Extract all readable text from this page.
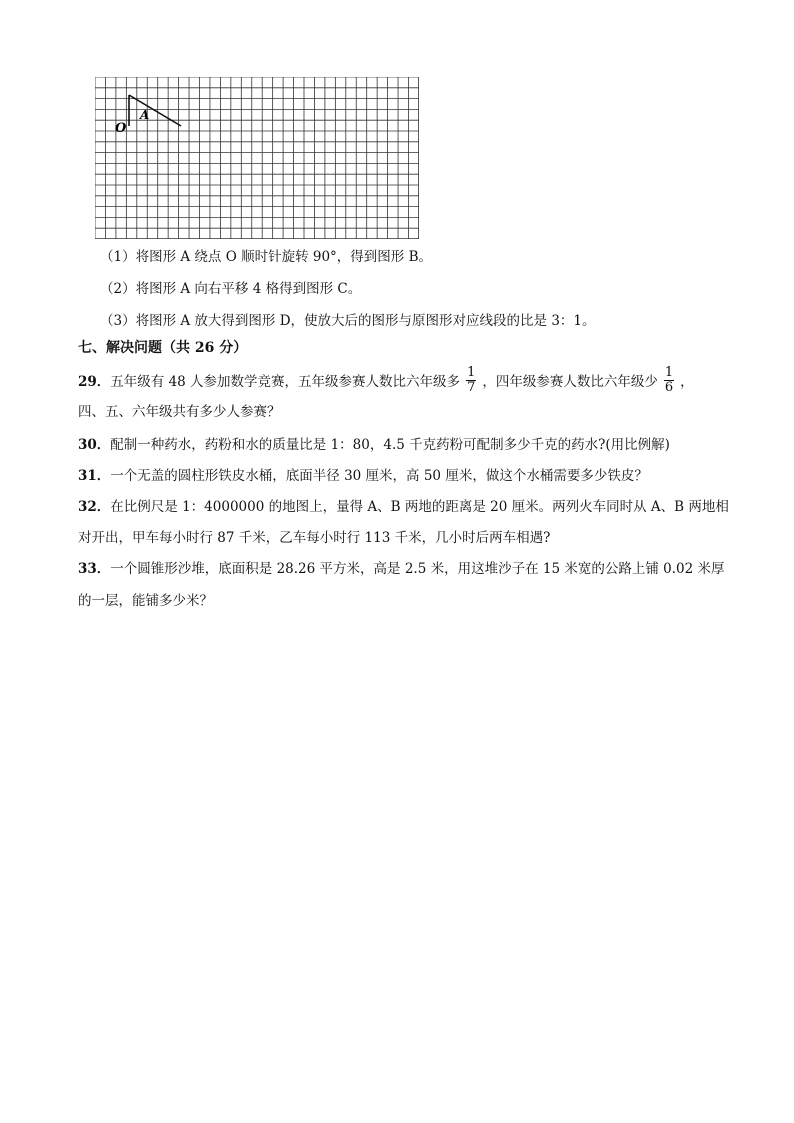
O
A
（1）将图形 A 绕点 O 顺时针旋转 90°，得到图形 B。
（2）将图形 A 向右平移 4 格得到图形 C。
（3）将图形 A 放大得到图形 D，使放大后的图形与原图形对应线段的比是 3：1。
七、解决问题（共 26 分）
29．五年级有 48 人参加数学竞赛，五年级参赛人数比六年级多 $\frac{1}{7}$ ，四年级参赛人数比六年级少 $\frac{1}{6}$ ，
四、五、六年级共有多少人参赛？
30．配制一种药水，药粉和水的质量比是 1：80，4.5 千克药粉可配制多少千克的药水?(用比例解)
31．一个无盖的圆柱形铁皮水桶，底面半径 30 厘米，高 50 厘米，做这个水桶需要多少铁皮？
32．在比例尺是 1：4000000 的地图上，量得 A、B 两地的距离是 20 厘米。两列火车同时从 A、B 两地相
对开出，甲车每小时行 87 千米，乙车每小时行 113 千米，几小时后两车相遇?
33．一个圆锥形沙堆，底面积是 28.26 平方米，高是 2.5 米，用这堆沙子在 15 米宽的公路上铺 0.02 米厚
的一层，能铺多少米？
